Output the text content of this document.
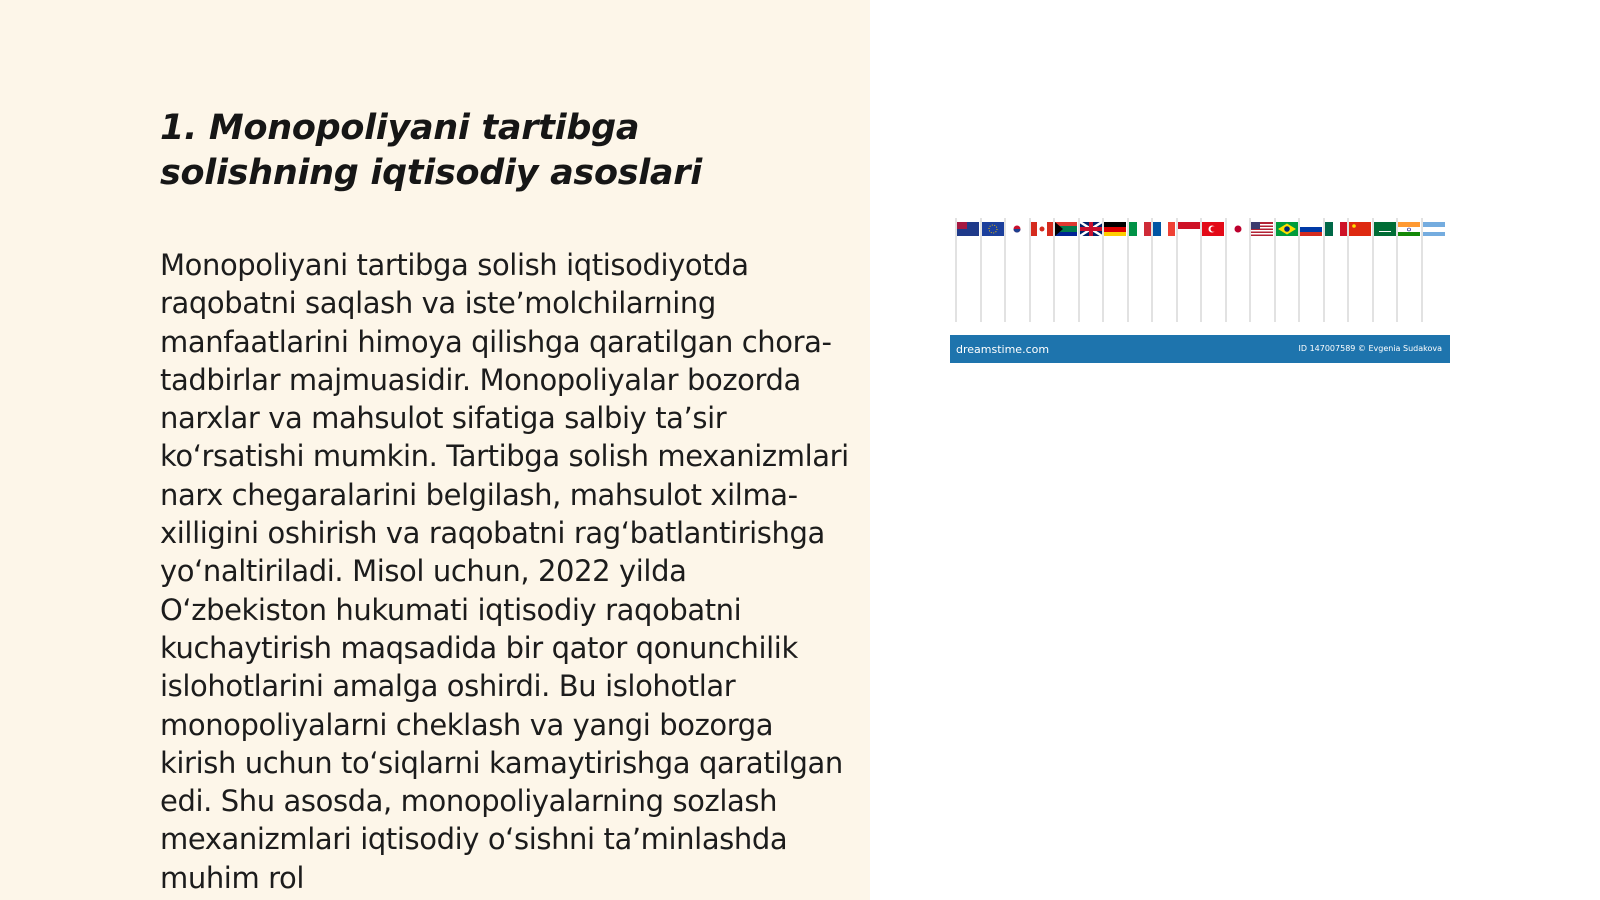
1. Monopoliyani tartibga solishning iqtisodiy asoslari

Monopoliyani tartibga solish iqtisodiyotda raqobatni saqlash va iste’molchilarning manfaatlarini himoya qilishga qaratilgan chora-tadbirlar majmuasidir. Monopoliyalar bozorda narxlar va mahsulot sifatiga salbiy ta’sir ko‘rsatishi mumkin. Tartibga solish mexanizmlari narx chegaralarini belgilash, mahsulot xilma-xilligini oshirish va raqobatni rag‘batlantirishga yo‘naltiriladi. Misol uchun, 2022 yilda O‘zbekiston hukumati iqtisodiy raqobatni kuchaytirish maqsadida bir qator qonunchilik islohotlarini amalga oshirdi. Bu islohotlar monopoliyalarni cheklash va yangi bozorga kirish uchun to‘siqlarni kamaytirishga qaratilgan edi. Shu asosda, monopoliyalarning sozlash mexanizmlari iqtisodiy o‘sishni ta’minlashda muhim rol

dreamstime.com	ID 147007589 © Evgenia Sudakova
